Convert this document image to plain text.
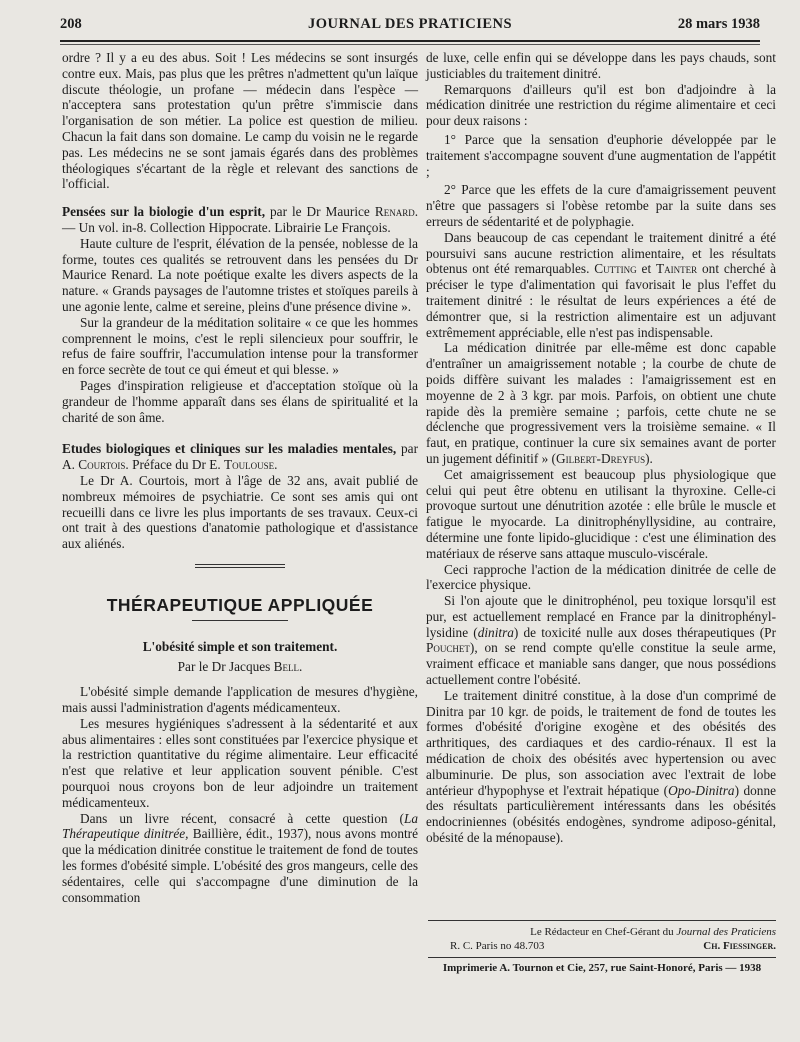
208	JOURNAL DES PRATICIENS	28 mars 1938

ordre ? Il y a eu des abus. Soit ! Les médecins se sont insurgés contre eux. Mais, pas plus que les prêtres n'admettent qu'un laïque discute théologie, un profane — médecin dans l'espèce — n'acceptera sans protestation qu'un prêtre s'immiscie dans l'organisation de son métier. La police est question de milieu. Chacun la fait dans son domaine. Le camp du voisin ne le regarde pas. Les médecins ne se sont jamais égarés dans des problèmes théologiques s'écartant de la règle et relevant des sanctions de l'official.

Pensées sur la biologie d'un esprit, par le Dr Maurice Renard. — Un vol. in-8. Collection Hippocrate. Librairie Le François.

Haute culture de l'esprit, élévation de la pensée, noblesse de la forme, toutes ces qualités se retrouvent dans les pensées du Dr Maurice Renard. La note poétique exalte les divers aspects de la nature. « Grands paysages de l'automne tristes et stoïques pareils à une agonie lente, calme et sereine, pleins d'une présence divine ».

Sur la grandeur de la méditation solitaire « ce que les hommes comprennent le moins, c'est le repli silencieux pour souffrir, le refus de faire souffrir, l'accumulation intense pour la transformer en force secrète de tout ce qui émeut et qui blesse. »

Pages d'inspiration religieuse et d'acceptation stoïque où la grandeur de l'homme apparaît dans ses élans de spiritualité et la charité de son âme.

Etudes biologiques et cliniques sur les maladies mentales, par A. Courtois. Préface du Dr E. Toulouse.

Le Dr A. Courtois, mort à l'âge de 32 ans, avait publié de nombreux mémoires de psychiatrie. Ce sont ses amis qui ont recueilli dans ce livre les plus importants de ses travaux. Ceux-ci ont trait à des questions d'anatomie pathologique et d'assistance aux aliénés.

THÉRAPEUTIQUE APPLIQUÉE

L'obésité simple et son traitement.

Par le Dr Jacques Bell.

L'obésité simple demande l'application de mesures d'hygiène, mais aussi l'administration d'agents médicamenteux.

Les mesures hygiéniques s'adressent à la sédentarité et aux abus alimentaires : elles sont constituées par l'exercice physique et la restriction quantitative du régime alimentaire. Leur efficacité n'est que relative et leur application souvent pénible. C'est pourquoi nous croyons bon de leur adjoindre un traitement médicamenteux.

Dans un livre récent, consacré à cette question (La Thérapeutique dinitrée, Baillière, édit., 1937), nous avons montré que la médication dinitrée constitue le traitement de fond de toutes les formes d'obésité simple. L'obésité des gros mangeurs, celle des sédentaires, celle qui s'accompagne d'une diminution de la consommation

de luxe, celle enfin qui se développe dans les pays chauds, sont justiciables du traitement dinitré.

Remarquons d'ailleurs qu'il est bon d'adjoindre à la médication dinitrée une restriction du régime alimentaire et ceci pour deux raisons :

1° Parce que la sensation d'euphorie développée par le traitement s'accompagne souvent d'une augmentation de l'appétit ;

2° Parce que les effets de la cure d'amaigrissement peuvent n'être que passagers si l'obèse retombe par la suite dans ses erreurs de sédentarité et de polyphagie.

Dans beaucoup de cas cependant le traitement dinitré a été poursuivi sans aucune restriction alimentaire, et les résultats obtenus ont été remarquables. Cutting et Tainter ont cherché à préciser le type d'alimentation qui favorisait le plus l'effet du traitement dinitré : le résultat de leurs expériences a été de démontrer que, si la restriction alimentaire est un adjuvant extrêmement appréciable, elle n'est pas indispensable.

La médication dinitrée par elle-même est donc capable d'entraîner un amaigrissement notable ; la courbe de chute de poids diffère suivant les malades : l'amaigrissement est en moyenne de 2 à 3 kgr. par mois. Parfois, on obtient une chute rapide dès la première semaine ; parfois, cette chute ne se déclenche que progressivement vers la troisième semaine. « Il faut, en pratique, continuer la cure six semaines avant de porter un jugement définitif » (Gilbert-Dreyfus).

Cet amaigrissement est beaucoup plus physiologique que celui qui peut être obtenu en utilisant la thyroxine. Celle-ci provoque surtout une dénutrition azotée : elle brûle le muscle et fatigue le myocarde. La dinitrophényllysidine, au contraire, détermine une fonte lipido-glucidique : c'est une élimination des matériaux de réserve sans attaque musculo-viscérale.

Ceci rapproche l'action de la médication dinitrée de celle de l'exercice physique.

Si l'on ajoute que le dinitrophénol, peu toxique lorsqu'il est pur, est actuellement remplacé en France par la dinitrophényl-lysidine (dinitra) de toxicité nulle aux doses thérapeutiques (Pr Pouchet), on se rend compte qu'elle constitue la seule arme, vraiment efficace et maniable sans danger, que nous possédions actuellement contre l'obésité.

Le traitement dinitré constitue, à la dose d'un comprimé de Dinitra par 10 kgr. de poids, le traitement de fond de toutes les formes d'obésité d'origine exogène et des obésités des arthritiques, des cardiaques et des cardio-rénaux. Il est la médication de choix des obésités avec hypertension ou avec albuminurie. De plus, son association avec l'extrait de lobe antérieur d'hypophyse et l'extrait hépatique (Opo-Dinitra) donne des résultats particulièrement intéressants dans les obésités endocriniennes (obésités endogènes, syndrome adiposo-génital, obésité de la ménopause).

Le Rédacteur en Chef-Gérant du Journal des Praticiens
R. C. Paris no 48.703	Ch. Fiessinger.
Imprimerie A. Tournon et Cie, 257, rue Saint-Honoré, Paris — 1938
